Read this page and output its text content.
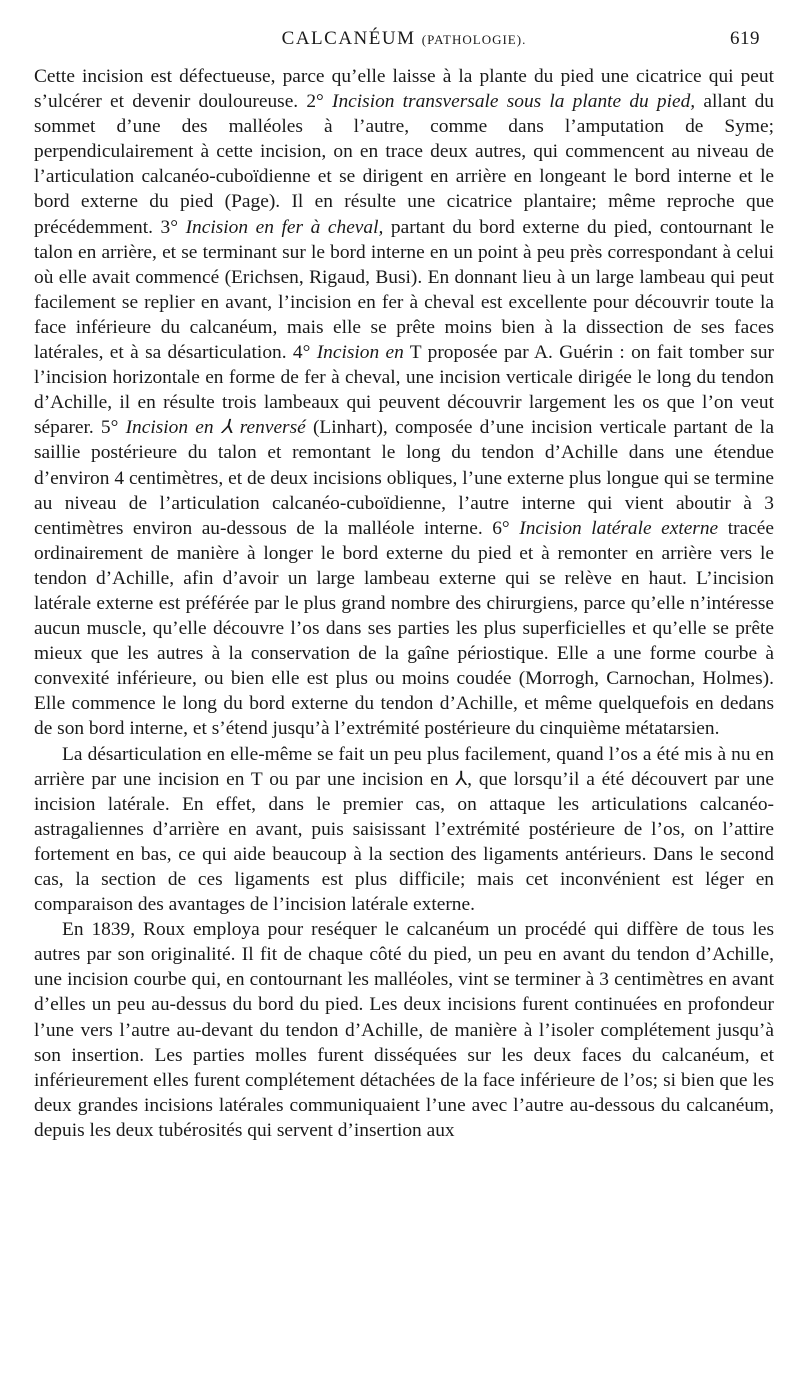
CALCANÉUM (PATHOLOGIE).	619

Cette incision est défectueuse, parce qu’elle laisse à la plante du pied une cicatrice qui peut s’ulcérer et devenir douloureuse. 2° Incision transversale sous la plante du pied, allant du sommet d’une des malléoles à l’autre, comme dans l’amputation de Syme; perpendiculairement à cette incision, on en trace deux autres, qui commencent au niveau de l’articulation calcanéo-cuboïdienne et se dirigent en arrière en longeant le bord interne et le bord externe du pied (Page). Il en résulte une cicatrice plantaire; même reproche que précédemment. 3° Incision en fer à cheval, partant du bord externe du pied, contournant le talon en arrière, et se terminant sur le bord interne en un point à peu près correspondant à celui où elle avait commencé (Erichsen, Rigaud, Busi). En donnant lieu à un large lambeau qui peut facilement se replier en avant, l’incision en fer à cheval est excellente pour découvrir toute la face inférieure du calcanéum, mais elle se prête moins bien à la dissection de ses faces latérales, et à sa désarticulation. 4° Incision en T proposée par A. Guérin : on fait tomber sur l’incision horizontale en forme de fer à cheval, une incision verticale dirigée le long du tendon d’Achille, il en résulte trois lambeaux qui peuvent découvrir largement les os que l’on veut séparer. 5° Incision en ⅄ renversé (Linhart), composée d’une incision verticale partant de la saillie postérieure du talon et remontant le long du tendon d’Achille dans une étendue d’environ 4 centimètres, et de deux incisions obliques, l’une externe plus longue qui se termine au niveau de l’articulation calcanéo-cuboïdienne, l’autre interne qui vient aboutir à 3 centimètres environ au-dessous de la malléole interne. 6° Incision latérale externe tracée ordinairement de manière à longer le bord externe du pied et à remonter en arrière vers le tendon d’Achille, afin d’avoir un large lambeau externe qui se relève en haut. L’incision latérale externe est préférée par le plus grand nombre des chirurgiens, parce qu’elle n’intéresse aucun muscle, qu’elle découvre l’os dans ses parties les plus superficielles et qu’elle se prête mieux que les autres à la conservation de la gaîne périostique. Elle a une forme courbe à convexité inférieure, ou bien elle est plus ou moins coudée (Morrogh, Carnochan, Holmes). Elle commence le long du bord externe du tendon d’Achille, et même quelquefois en dedans de son bord interne, et s’étend jusqu’à l’extrémité postérieure du cinquième métatarsien.

La désarticulation en elle-même se fait un peu plus facilement, quand l’os a été mis à nu en arrière par une incision en T ou par une incision en ⅄, que lorsqu’il a été découvert par une incision latérale. En effet, dans le premier cas, on attaque les articulations calcanéo-astragaliennes d’arrière en avant, puis saisissant l’extrémité postérieure de l’os, on l’attire fortement en bas, ce qui aide beaucoup à la section des ligaments antérieurs. Dans le second cas, la section de ces ligaments est plus difficile; mais cet inconvénient est léger en comparaison des avantages de l’incision latérale externe.

En 1839, Roux employa pour reséquer le calcanéum un procédé qui diffère de tous les autres par son originalité. Il fit de chaque côté du pied, un peu en avant du tendon d’Achille, une incision courbe qui, en contournant les malléoles, vint se terminer à 3 centimètres en avant d’elles un peu au-dessus du bord du pied. Les deux incisions furent continuées en profondeur l’une vers l’autre au-devant du tendon d’Achille, de manière à l’isoler complétement jusqu’à son insertion. Les parties molles furent disséquées sur les deux faces du calcanéum, et inférieurement elles furent complétement détachées de la face inférieure de l’os; si bien que les deux grandes incisions latérales communiquaient l’une avec l’autre au-dessous du calcanéum, depuis les deux tubérosités qui servent d’insertion aux
